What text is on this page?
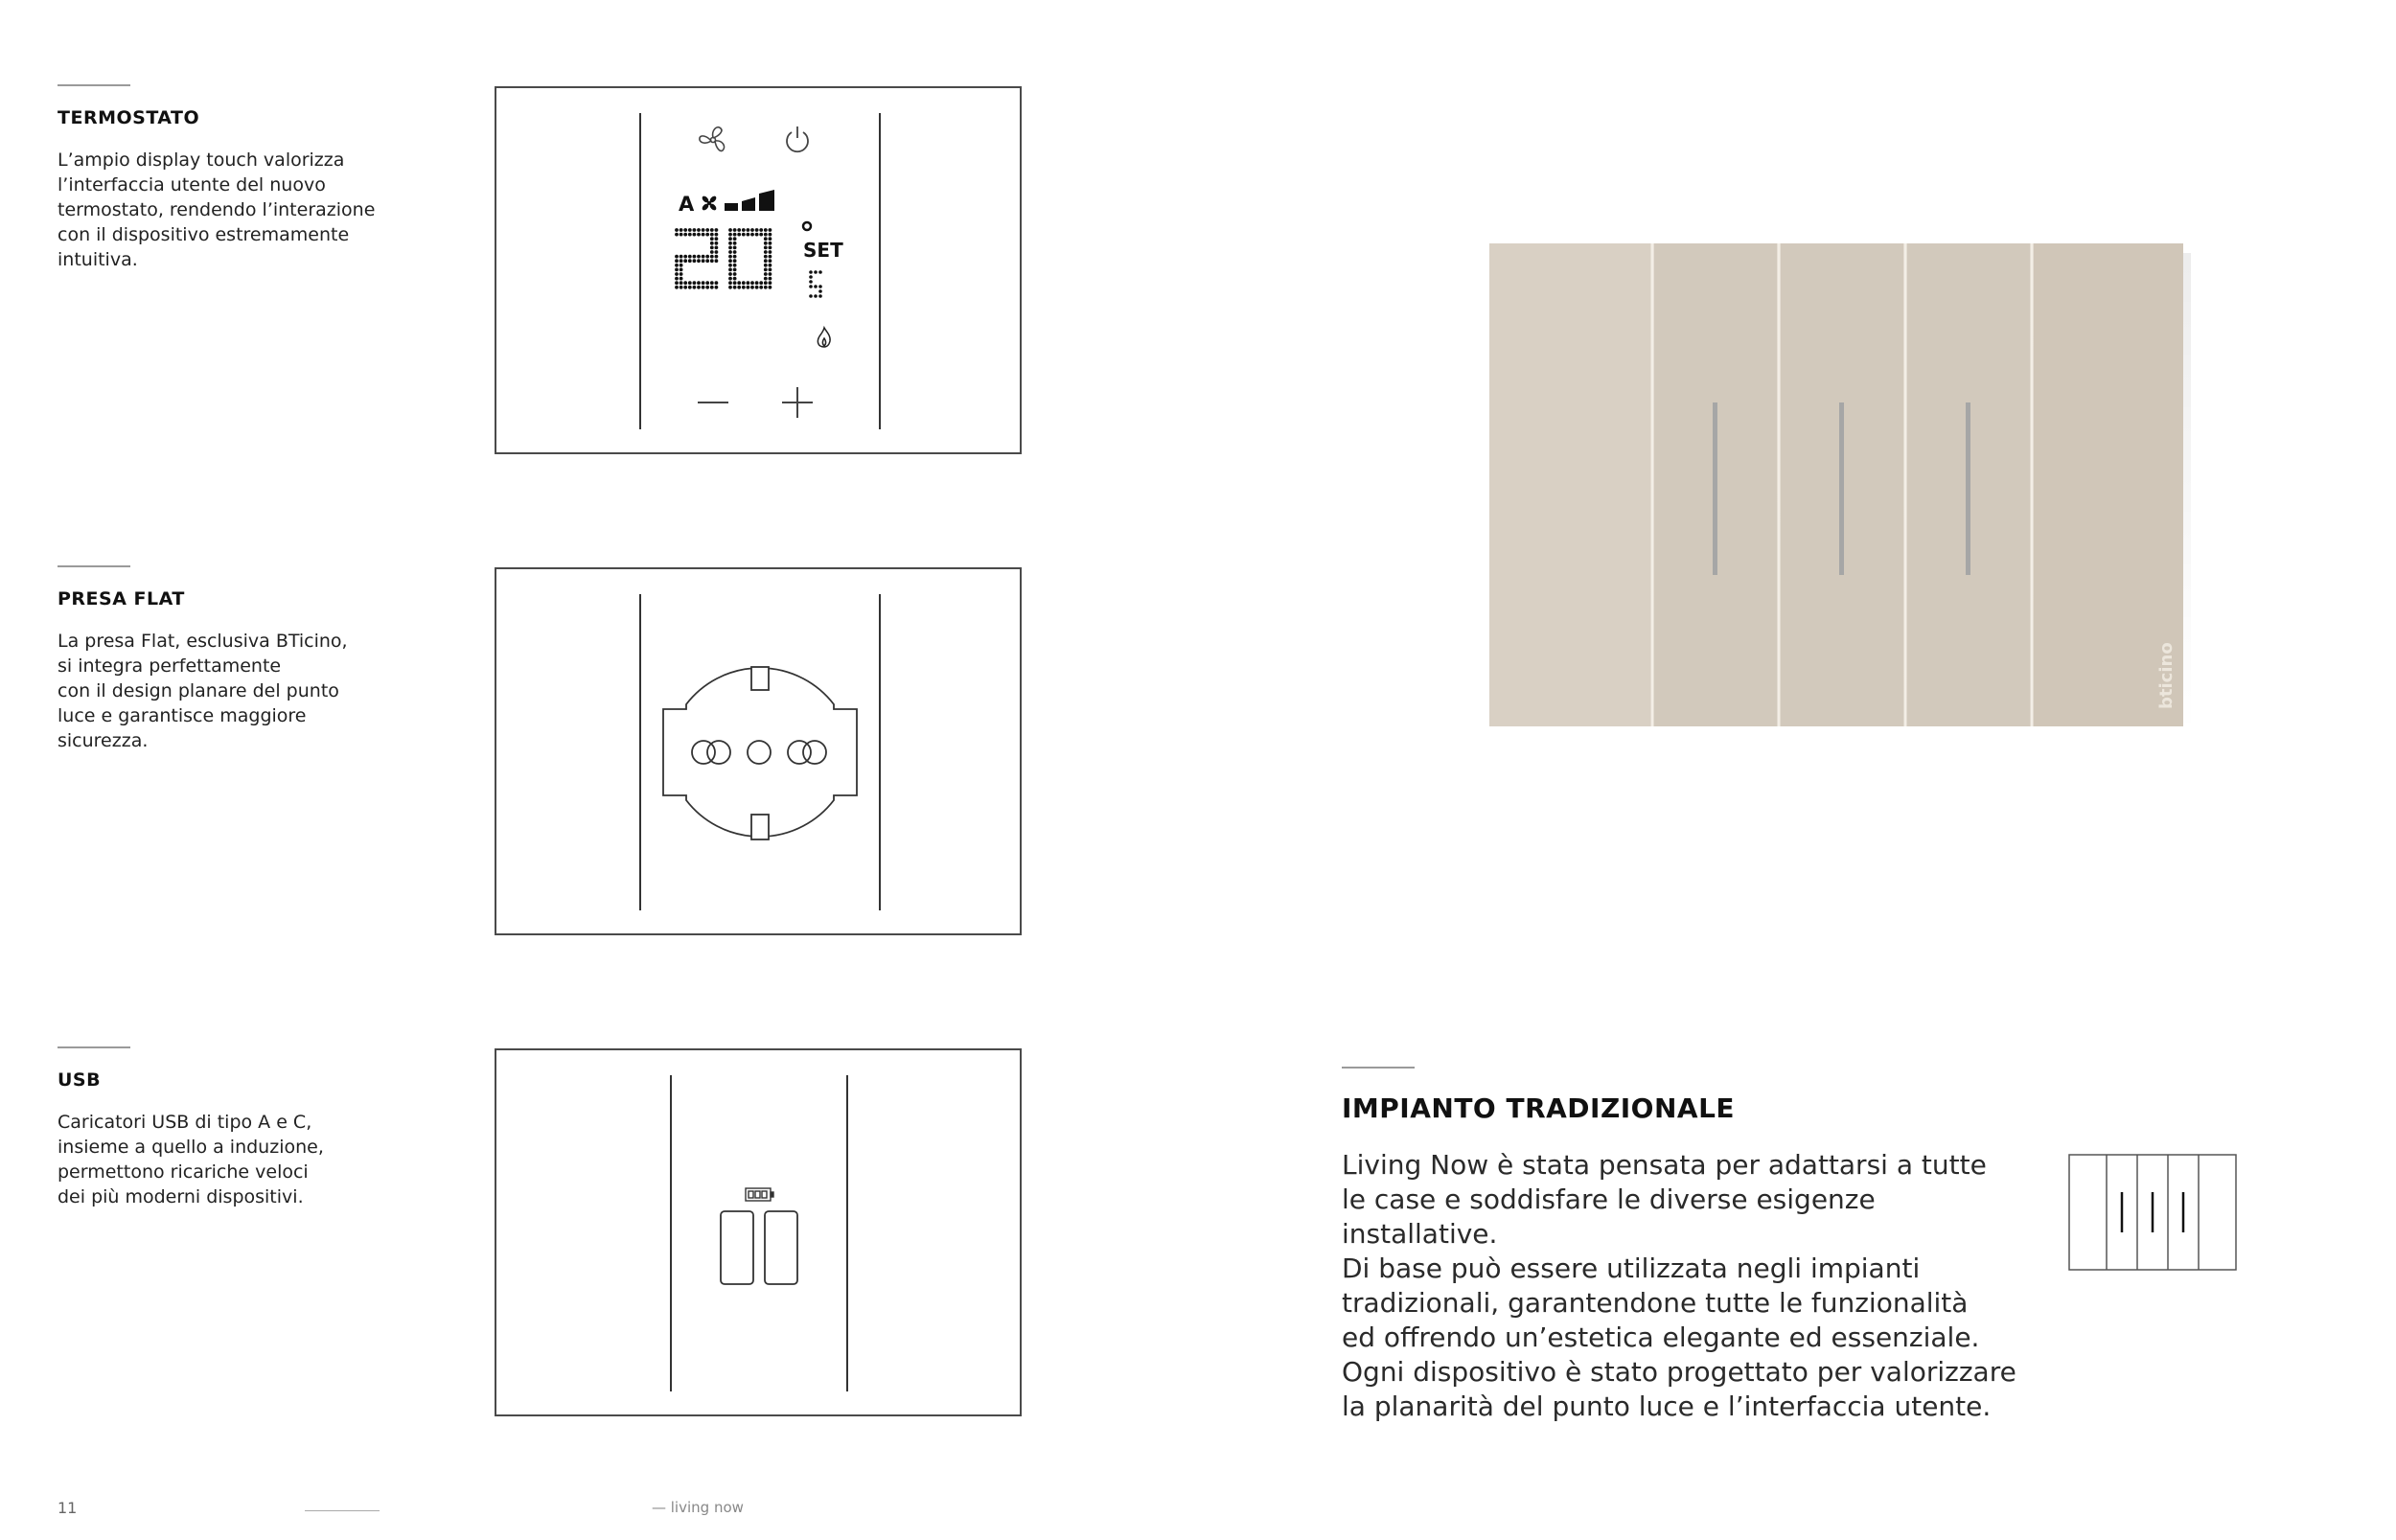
TERMOSTATO
L’ampio display touch valorizza
l’interfaccia utente del nuovo
termostato, rendendo l’interazione
con il dispositivo estremamente
intuitiva.
PRESA FLAT
La presa Flat, esclusiva BTicino,
si integra perfettamente
con il design planare del punto
luce e garantisce maggiore
sicurezza.
USB
Caricatori USB di tipo A e C,
insieme a quello a induzione,
permettono ricariche veloci
dei più moderni dispositivi.
A
20
SET
bticino
IMPIANTO TRADIZIONALE
Living Now è stata pensata per adattarsi a tutte
le case e soddisfare le diverse esigenze installative.
Di base può essere utilizzata negli impianti
tradizionali, garantendone tutte le funzionalità
ed offrendo un’estetica elegante ed essenziale.
Ogni dispositivo è stato progettato per valorizzare
la planarità del punto luce e l’interfaccia utente.
11	— living now
